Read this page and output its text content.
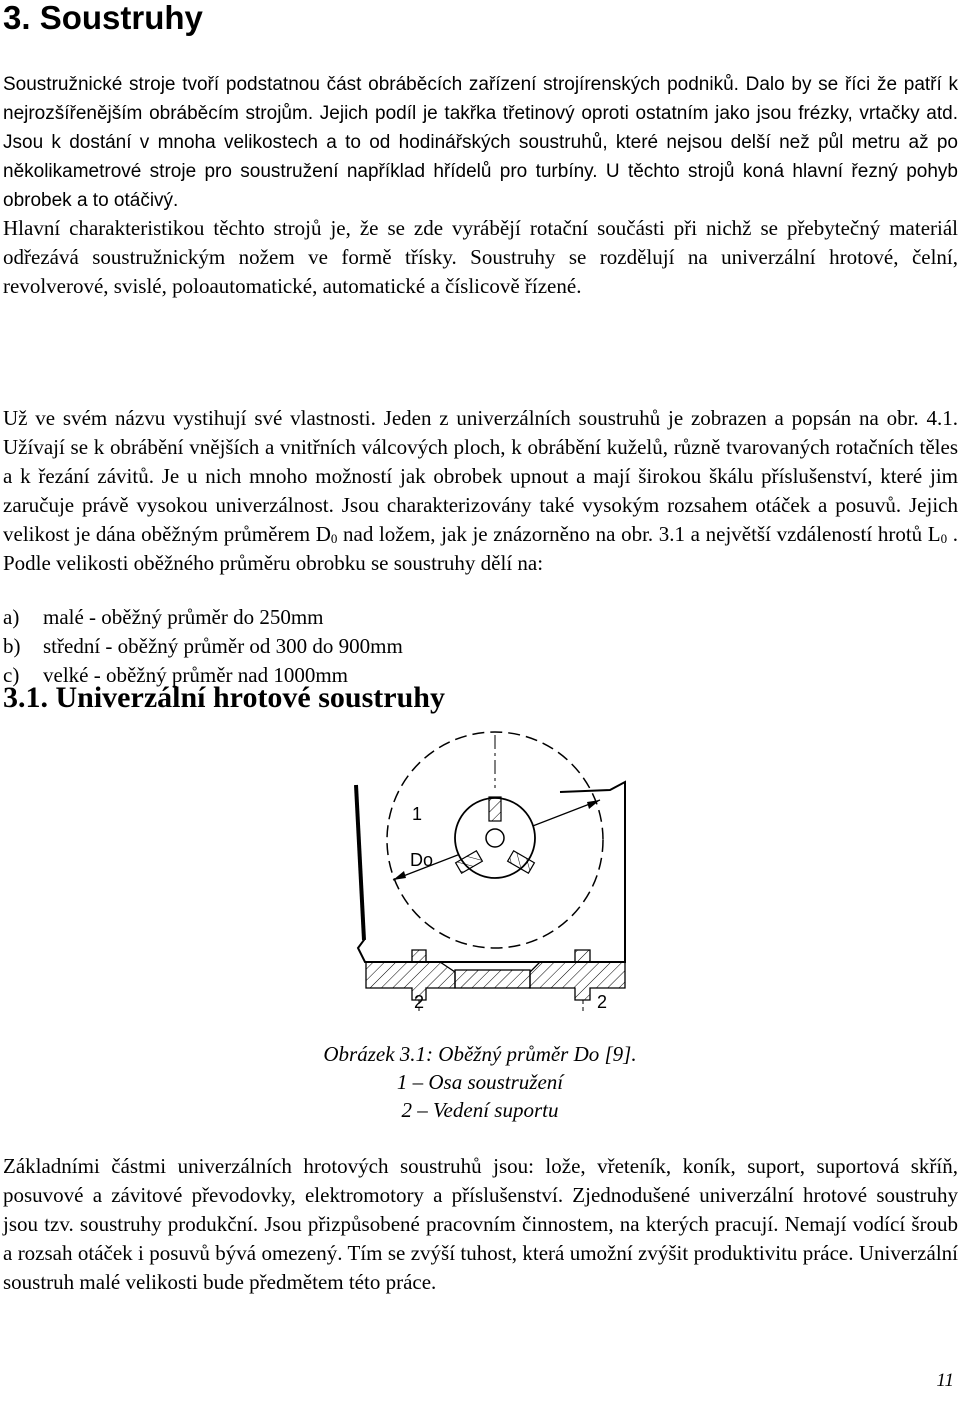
3. Soustruhy

Soustružnické stroje tvoří podstatnou část obráběcích zařízení strojírenských podniků. Dalo by se říci že patří k nejrozšířenějším obráběcím strojům. Jejich podíl je takřka třetinový oproti ostatním jako jsou frézky, vrtačky atd. Jsou k dostání v mnoha velikostech a to od hodinářských soustruhů, které nejsou delší než půl metru až po několikametrové stroje pro soustružení například hřídelů pro turbíny. U těchto strojů koná hlavní řezný pohyb obrobek a to otáčivý.

Hlavní charakteristikou těchto strojů je, že se zde vyrábějí rotační součásti při nichž se přebytečný materiál odřezává soustružnickým nožem ve formě třísky. Soustruhy se rozdělují na univerzální hrotové, čelní, revolverové, svislé, poloautomatické, automatické a číslicově řízené.

3.1. Univerzální hrotové soustruhy

Už ve svém názvu vystihují své vlastnosti. Jeden z univerzálních soustruhů je zobrazen a popsán na obr. 4.1. Užívají se k obrábění vnějších a vnitřních válcových ploch, k obrábění kuželů, různě tvarovaných rotačních těles a k řezání závitů. Je u nich mnoho možností jak obrobek upnout a mají širokou škálu příslušenství, které jim zaručuje právě vysokou univerzálnost. Jsou charakterizovány také vysokým rozsahem otáček a posuvů. Jejich velikost je dána oběžným průměrem $D_0$ nad ložem, jak je znázorněno na obr. 3.1 a největší vzdáleností hrotů $L_0$ . Podle velikosti oběžného průměru obrobku se soustruhy dělí na:

a)	malé - oběžný průměr do 250mm
b)	střední - oběžný průměr od 300 do 900mm
c)	velké - oběžný průměr nad 1000mm
1
Do
2	2
Obrázek 3.1: Oběžný průměr Do [9].
1 – Osa soustružení
2 – Vedení suportu

Základními částmi univerzálních hrotových soustruhů jsou: lože, vřeteník, koník, suport, suportová skříň, posuvové a závitové převodovky, elektromotory a příslušenství. Zjednodušené univerzální hrotové soustruhy jsou tzv. soustruhy produkční. Jsou přizpůsobené pracovním činnostem, na kterých pracují. Nemají vodící šroub a rozsah otáček i posuvů bývá omezený. Tím se zvýší tuhost, která umožní zvýšit produktivitu práce. Univerzální soustruh malé velikosti bude předmětem této práce.

11
